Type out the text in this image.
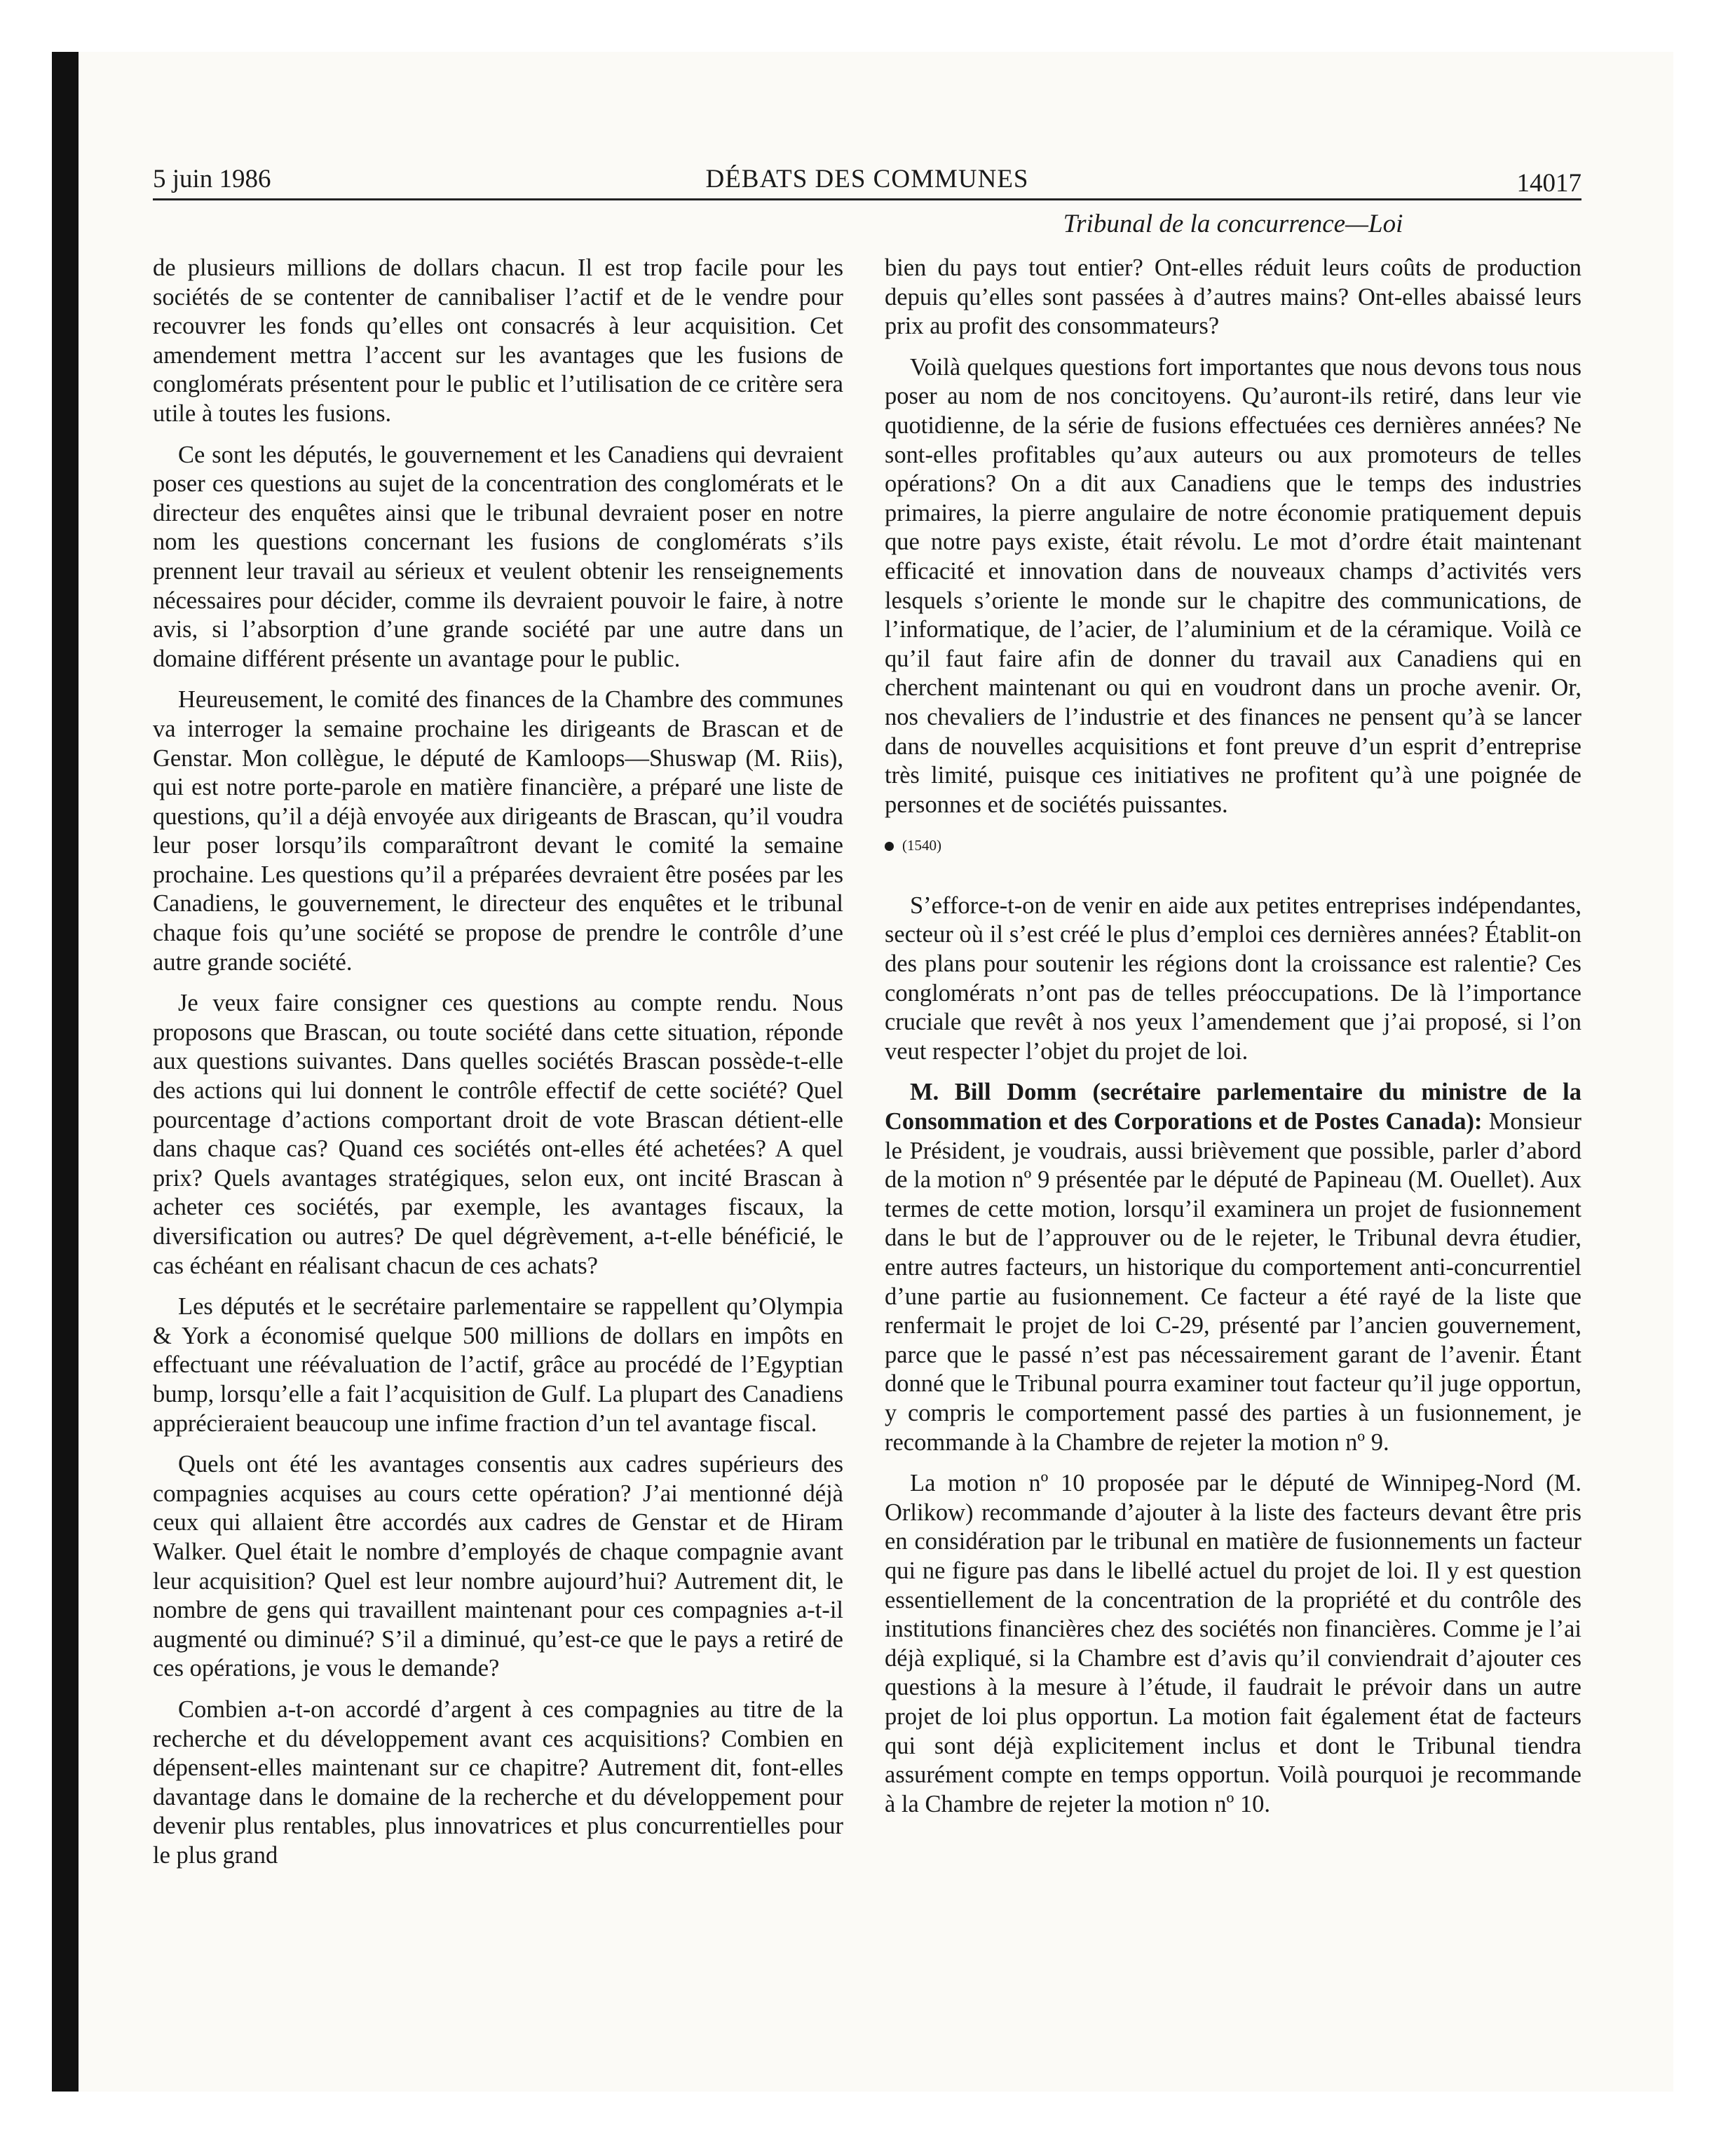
5 juin 1986	DÉBATS DES COMMUNES	14017
Tribunal de la concurrence—Loi

de plusieurs millions de dollars chacun. Il est trop facile pour les sociétés de se contenter de cannibaliser l’actif et de le vendre pour recouvrer les fonds qu’elles ont consacrés à leur acquisition. Cet amendement mettra l’accent sur les avantages que les fusions de conglomérats présentent pour le public et l’utilisation de ce critère sera utile à toutes les fusions.

Ce sont les députés, le gouvernement et les Canadiens qui devraient poser ces questions au sujet de la concentration des conglomérats et le directeur des enquêtes ainsi que le tribunal devraient poser en notre nom les questions concernant les fusions de conglomérats s’ils prennent leur travail au sérieux et veulent obtenir les renseignements nécessaires pour décider, comme ils devraient pouvoir le faire, à notre avis, si l’absorption d’une grande société par une autre dans un domaine différent présente un avantage pour le public.

Heureusement, le comité des finances de la Chambre des communes va interroger la semaine prochaine les dirigeants de Brascan et de Genstar. Mon collègue, le député de Kamloops—Shuswap (M. Riis), qui est notre porte-parole en matière financière, a préparé une liste de questions, qu’il a déjà envoyée aux dirigeants de Brascan, qu’il voudra leur poser lorsqu’ils comparaîtront devant le comité la semaine prochaine. Les questions qu’il a préparées devraient être posées par les Canadiens, le gouvernement, le directeur des enquêtes et le tribunal chaque fois qu’une société se propose de prendre le contrôle d’une autre grande société.

Je veux faire consigner ces questions au compte rendu. Nous proposons que Brascan, ou toute société dans cette situation, réponde aux questions suivantes. Dans quelles sociétés Brascan possède-t-elle des actions qui lui donnent le contrôle effectif de cette société? Quel pourcentage d’actions comportant droit de vote Brascan détient-elle dans chaque cas? Quand ces sociétés ont-elles été achetées? A quel prix? Quels avantages stratégiques, selon eux, ont incité Brascan à acheter ces sociétés, par exemple, les avantages fiscaux, la diversification ou autres? De quel dégrèvement, a-t-elle bénéficié, le cas échéant en réalisant chacun de ces achats?

Les députés et le secrétaire parlementaire se rappellent qu’Olympia & York a économisé quelque 500 millions de dollars en impôts en effectuant une réévaluation de l’actif, grâce au procédé de l’Egyptian bump, lorsqu’elle a fait l’acquisition de Gulf. La plupart des Canadiens apprécieraient beaucoup une infime fraction d’un tel avantage fiscal.

Quels ont été les avantages consentis aux cadres supérieurs des compagnies acquises au cours cette opération? J’ai mentionné déjà ceux qui allaient être accordés aux cadres de Genstar et de Hiram Walker. Quel était le nombre d’employés de chaque compagnie avant leur acquisition? Quel est leur nombre aujourd’hui? Autrement dit, le nombre de gens qui travaillent maintenant pour ces compagnies a-t-il augmenté ou diminué? S’il a diminué, qu’est-ce que le pays a retiré de ces opérations, je vous le demande?

Combien a-t-on accordé d’argent à ces compagnies au titre de la recherche et du développement avant ces acquisitions? Combien en dépensent-elles maintenant sur ce chapitre? Autrement dit, font-elles davantage dans le domaine de la recherche et du développement pour devenir plus rentables, plus innovatrices et plus concurrentielles pour le plus grand

bien du pays tout entier? Ont-elles réduit leurs coûts de production depuis qu’elles sont passées à d’autres mains? Ont-elles abaissé leurs prix au profit des consommateurs?

Voilà quelques questions fort importantes que nous devons tous nous poser au nom de nos concitoyens. Qu’auront-ils retiré, dans leur vie quotidienne, de la série de fusions effectuées ces dernières années? Ne sont-elles profitables qu’aux auteurs ou aux promoteurs de telles opérations? On a dit aux Canadiens que le temps des industries primaires, la pierre angulaire de notre économie pratiquement depuis que notre pays existe, était révolu. Le mot d’ordre était maintenant efficacité et innovation dans de nouveaux champs d’activités vers lesquels s’oriente le monde sur le chapitre des communications, de l’informatique, de l’acier, de l’aluminium et de la céramique. Voilà ce qu’il faut faire afin de donner du travail aux Canadiens qui en cherchent maintenant ou qui en voudront dans un proche avenir. Or, nos chevaliers de l’industrie et des finances ne pensent qu’à se lancer dans de nouvelles acquisitions et font preuve d’un esprit d’entreprise très limité, puisque ces initiatives ne profitent qu’à une poignée de personnes et de sociétés puissantes.

(1540)

S’efforce-t-on de venir en aide aux petites entreprises indépendantes, secteur où il s’est créé le plus d’emploi ces dernières années? Établit-on des plans pour soutenir les régions dont la croissance est ralentie? Ces conglomérats n’ont pas de telles préoccupations. De là l’importance cruciale que revêt à nos yeux l’amendement que j’ai proposé, si l’on veut respecter l’objet du projet de loi.

M. Bill Domm (secrétaire parlementaire du ministre de la Consommation et des Corporations et de Postes Canada): Monsieur le Président, je voudrais, aussi brièvement que possible, parler d’abord de la motion nº 9 présentée par le député de Papineau (M. Ouellet). Aux termes de cette motion, lorsqu’il examinera un projet de fusionnement dans le but de l’approuver ou de le rejeter, le Tribunal devra étudier, entre autres facteurs, un historique du comportement anti-concurrentiel d’une partie au fusionnement. Ce facteur a été rayé de la liste que renfermait le projet de loi C-29, présenté par l’ancien gouvernement, parce que le passé n’est pas nécessairement garant de l’avenir. Étant donné que le Tribunal pourra examiner tout facteur qu’il juge opportun, y compris le comportement passé des parties à un fusionnement, je recommande à la Chambre de rejeter la motion nº 9.

La motion nº 10 proposée par le député de Winnipeg-Nord (M. Orlikow) recommande d’ajouter à la liste des facteurs devant être pris en considération par le tribunal en matière de fusionnements un facteur qui ne figure pas dans le libellé actuel du projet de loi. Il y est question essentiellement de la concentration de la propriété et du contrôle des institutions financières chez des sociétés non financières. Comme je l’ai déjà expliqué, si la Chambre est d’avis qu’il conviendrait d’ajouter ces questions à la mesure à l’étude, il faudrait le prévoir dans un autre projet de loi plus opportun. La motion fait également état de facteurs qui sont déjà explicitement inclus et dont le Tribunal tiendra assurément compte en temps opportun. Voilà pourquoi je recommande à la Chambre de rejeter la motion nº 10.
